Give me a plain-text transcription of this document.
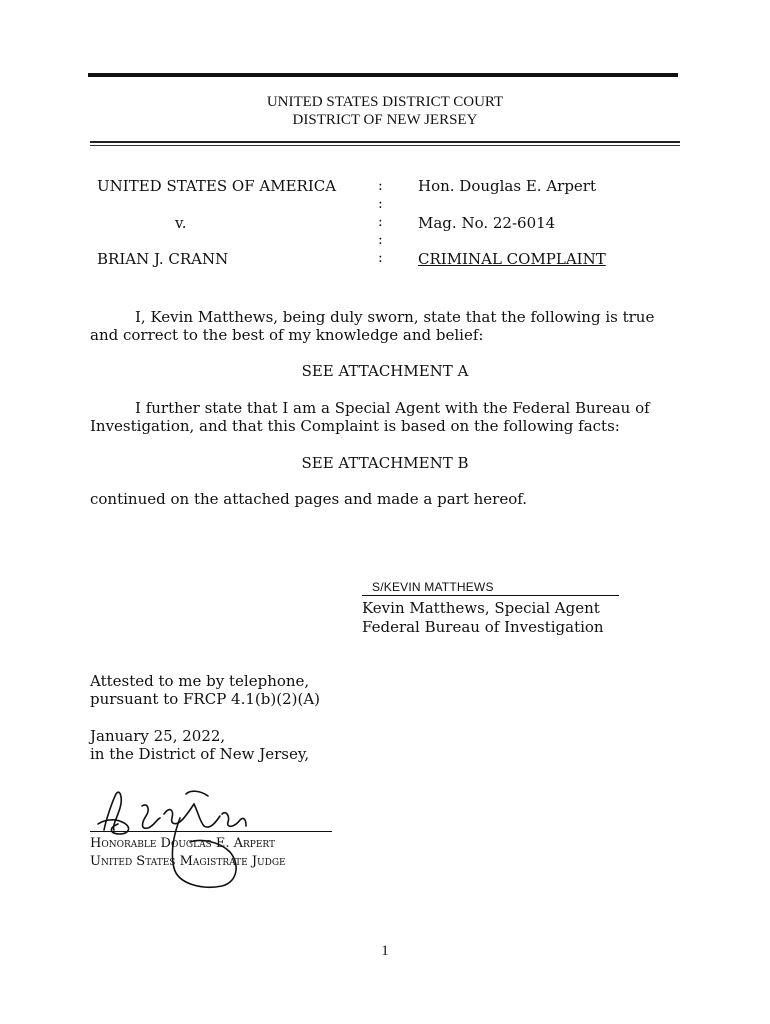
UNITED STATES DISTRICT COURT
DISTRICT OF NEW JERSEY
UNITED STATES OF AMERICA
v.
BRIAN J. CRANN
:
:
:
:
:
Hon. Douglas E. Arpert
Mag. No. 22-6014
CRIMINAL COMPLAINT
I, Kevin Matthews, being duly sworn, state that the following is true and correct to the best of my knowledge and belief:
SEE ATTACHMENT A
I further state that I am a Special Agent with the Federal Bureau of Investigation, and that this Complaint is based on the following facts:
SEE ATTACHMENT B
continued on the attached pages and made a part hereof.
S/KEVIN MATTHEWS
Kevin Matthews, Special Agent
Federal Bureau of Investigation
Attested to me by telephone,
pursuant to FRCP 4.1(b)(2)(A)
January 25, 2022,
in the District of New Jersey,
Honorable Douglas E. Arpert
United States Magistrate Judge
1
